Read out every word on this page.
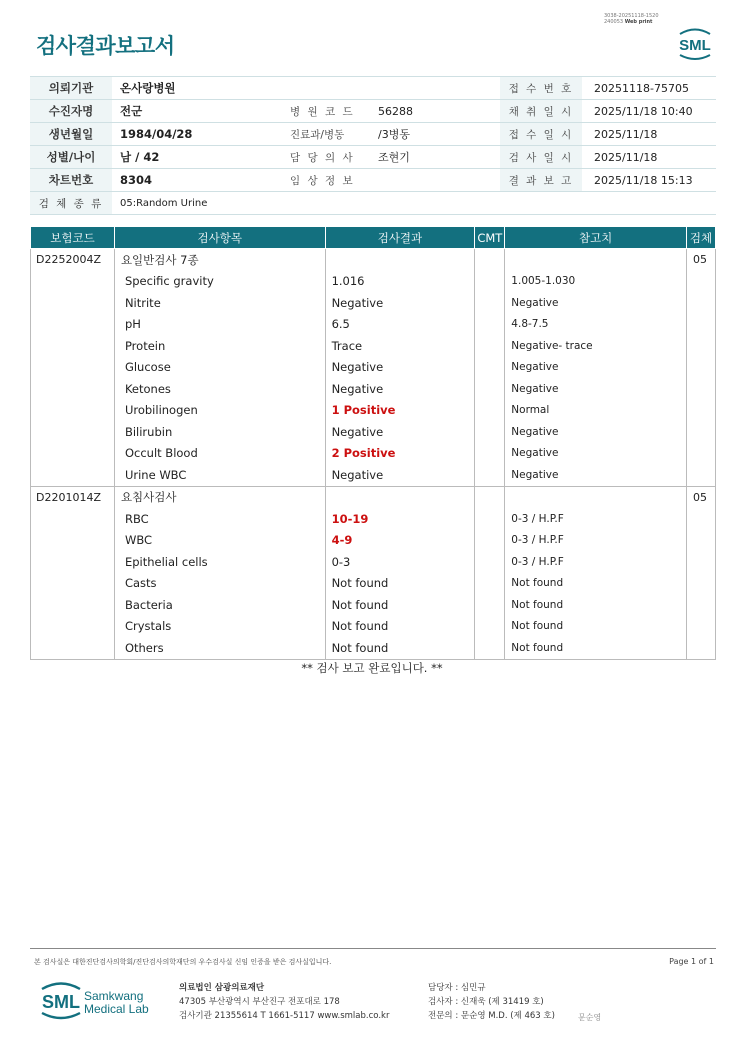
검사결과보고서
3038-20251118-1520
240053 Web print
SML
의뢰기관	온사랑병원			접 수 번 호	20251118-75705
수진자명	전군	병 원 코 드	56288	채 취 일 시	2025/11/18 10:40
생년월일	1984/04/28	진료과/병동	/3병동	접 수 일 시	2025/11/18
성별/나이	남 / 42	담 당 의 사	조현기	검 사 일 시	2025/11/18
차트번호	8304	임 상 정 보		결 과 보 고	2025/11/18 15:13
검 체 종 류	05:Random Urine				
보험코드	검사항목	검사결과	CMT	참고치	검체
D2252004Z	요일반검사 7종				05
	Specific gravity	1.016		1.005-1.030	
	Nitrite	Negative		Negative	
	pH	6.5		4.8-7.5	
	Protein	Trace		Negative- trace	
	Glucose	Negative		Negative	
	Ketones	Negative		Negative	
	Urobilinogen	1 Positive		Normal	
	Bilirubin	Negative		Negative	
	Occult Blood	2 Positive		Negative	
	Urine WBC	Negative		Negative	
D2201014Z	요침사검사				05
	RBC	10-19		0-3 / H.P.F	
	WBC	4-9		0-3 / H.P.F	
	Epithelial cells	0-3		0-3 / H.P.F	
	Casts	Not found		Not found	
	Bacteria	Not found		Not found	
	Crystals	Not found		Not found	
	Others	Not found		Not found	
** 검사 보고 완료입니다. **
본 검사실은 대한진단검사의학회/진단검사의학재단의 우수검사실 신임 인증을 받은 검사실입니다.	Page 1 of 1
SML Samkwang
Medical Lab
의료법인 삼광의료재단
47305 부산광역시 부산진구 전포대로 178
검사기관 21355614 T 1661-5117 www.smlab.co.kr
담당자 : 심민규
검사자 : 신재욱 (제 31419 호)
전문의 : 문순영 M.D. (제 463 호)	문순영
